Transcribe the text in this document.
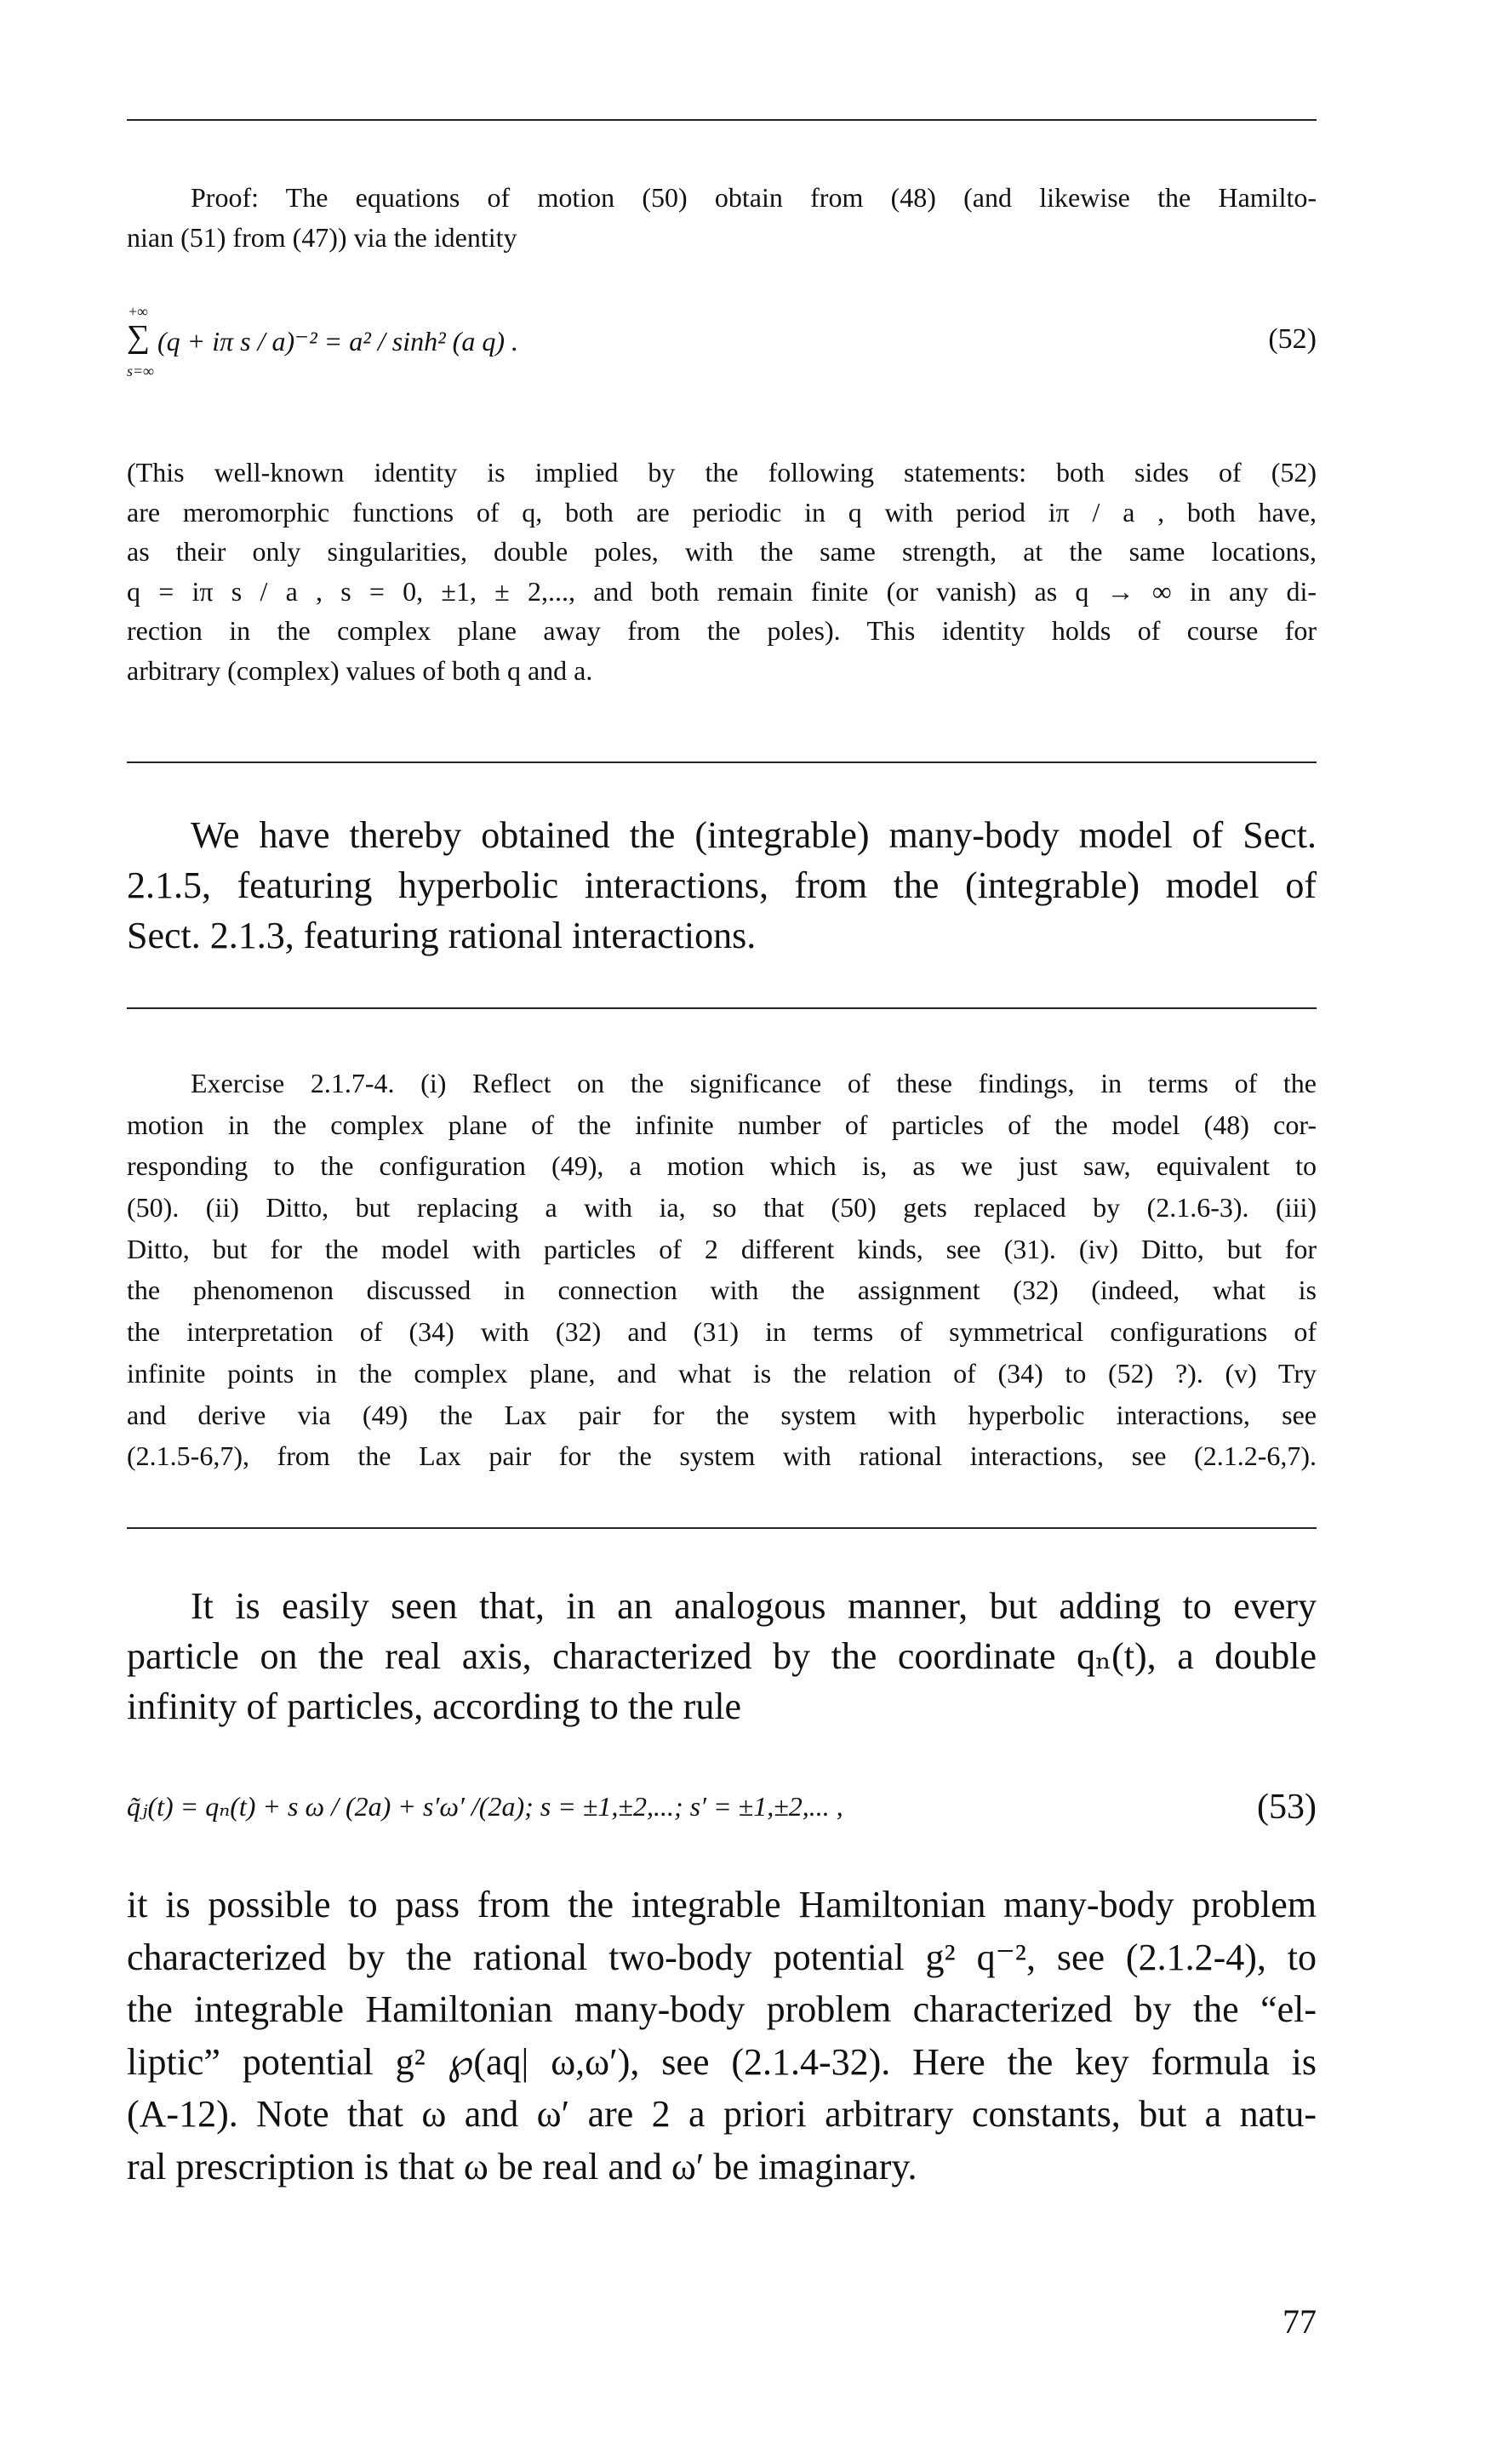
Proof: The equations of motion (50) obtain from (48) (and likewise the Hamilto-
nian (51) from (47)) via the identity
+∞
∑
s=∞
(q + iπ s / a)⁻² = a² / sinh² (a q) .	(52)
(This well-known identity is implied by the following statements: both sides of (52)
are meromorphic functions of q, both are periodic in q with period iπ / a , both have,
as their only singularities, double poles, with the same strength, at the same locations,
q = iπ s / a , s = 0, ±1, ± 2,..., and both remain finite (or vanish) as q → ∞ in any di-
rection in the complex plane away from the poles). This identity holds of course for
arbitrary (complex) values of both q and a.
We have thereby obtained the (integrable) many-body model of Sect.
2.1.5, featuring hyperbolic interactions, from the (integrable) model of
Sect. 2.1.3, featuring rational interactions.
Exercise 2.1.7-4. (i) Reflect on the significance of these findings, in terms of the
motion in the complex plane of the infinite number of particles of the model (48) cor-
responding to the configuration (49), a motion which is, as we just saw, equivalent to
(50). (ii) Ditto, but replacing a with ia, so that (50) gets replaced by (2.1.6-3). (iii)
Ditto, but for the model with particles of 2 different kinds, see (31). (iv) Ditto, but for
the phenomenon discussed in connection with the assignment (32) (indeed, what is
the interpretation of (34) with (32) and (31) in terms of symmetrical configurations of
infinite points in the complex plane, and what is the relation of (34) to (52) ?). (v) Try
and derive via (49) the Lax pair for the system with hyperbolic interactions, see
(2.1.5-6,7), from the Lax pair for the system with rational interactions, see (2.1.2-6,7).
It is easily seen that, in an analogous manner, but adding to every
particle on the real axis, characterized by the coordinate qₙ(t), a double
infinity of particles, according to the rule
q̃ⱼ(t) = qₙ(t) + s ω / (2a) + s′ω′ /(2a); s = ±1,±2,...; s′ = ±1,±2,... ,	(53)
it is possible to pass from the integrable Hamiltonian many-body problem
characterized by the rational two-body potential g² q⁻², see (2.1.2-4), to
the integrable Hamiltonian many-body problem characterized by the “el-
liptic” potential g² ℘(aq| ω,ω′), see (2.1.4-32). Here the key formula is
(A-12). Note that ω and ω′ are 2 a priori arbitrary constants, but a natu-
ral prescription is that ω be real and ω′ be imaginary.
77
